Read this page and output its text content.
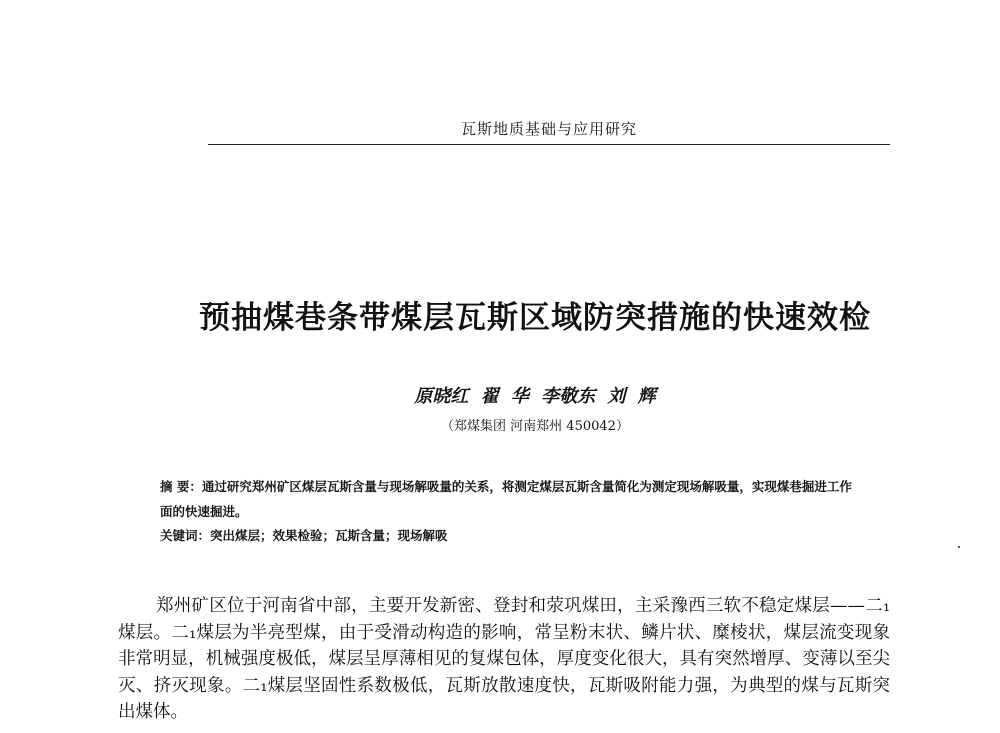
瓦斯地质基础与应用研究
预抽煤巷条带煤层瓦斯区域防突措施的快速效检
原晓红 翟 华 李敬东 刘 辉
（郑煤集团 河南郑州 450042）
摘 要：通过研究郑州矿区煤层瓦斯含量与现场解吸量的关系，将测定煤层瓦斯含量简化为测定现场解吸量，实现煤巷掘进工作面的快速掘进。
关键词：突出煤层；效果检验；瓦斯含量；现场解吸
郑州矿区位于河南省中部，主要开发新密、登封和荥巩煤田，主采豫西三软不稳定煤层——二₁煤层。二₁煤层为半亮型煤，由于受滑动构造的影响，常呈粉末状、鳞片状、糜棱状，煤层流变现象非常明显，机械强度极低，煤层呈厚薄相见的复煤包体，厚度变化很大，具有突然增厚、变薄以至尖灭、挤灭现象。二₁煤层坚固性系数极低，瓦斯放散速度快，瓦斯吸附能力强，为典型的煤与瓦斯突出煤体。
